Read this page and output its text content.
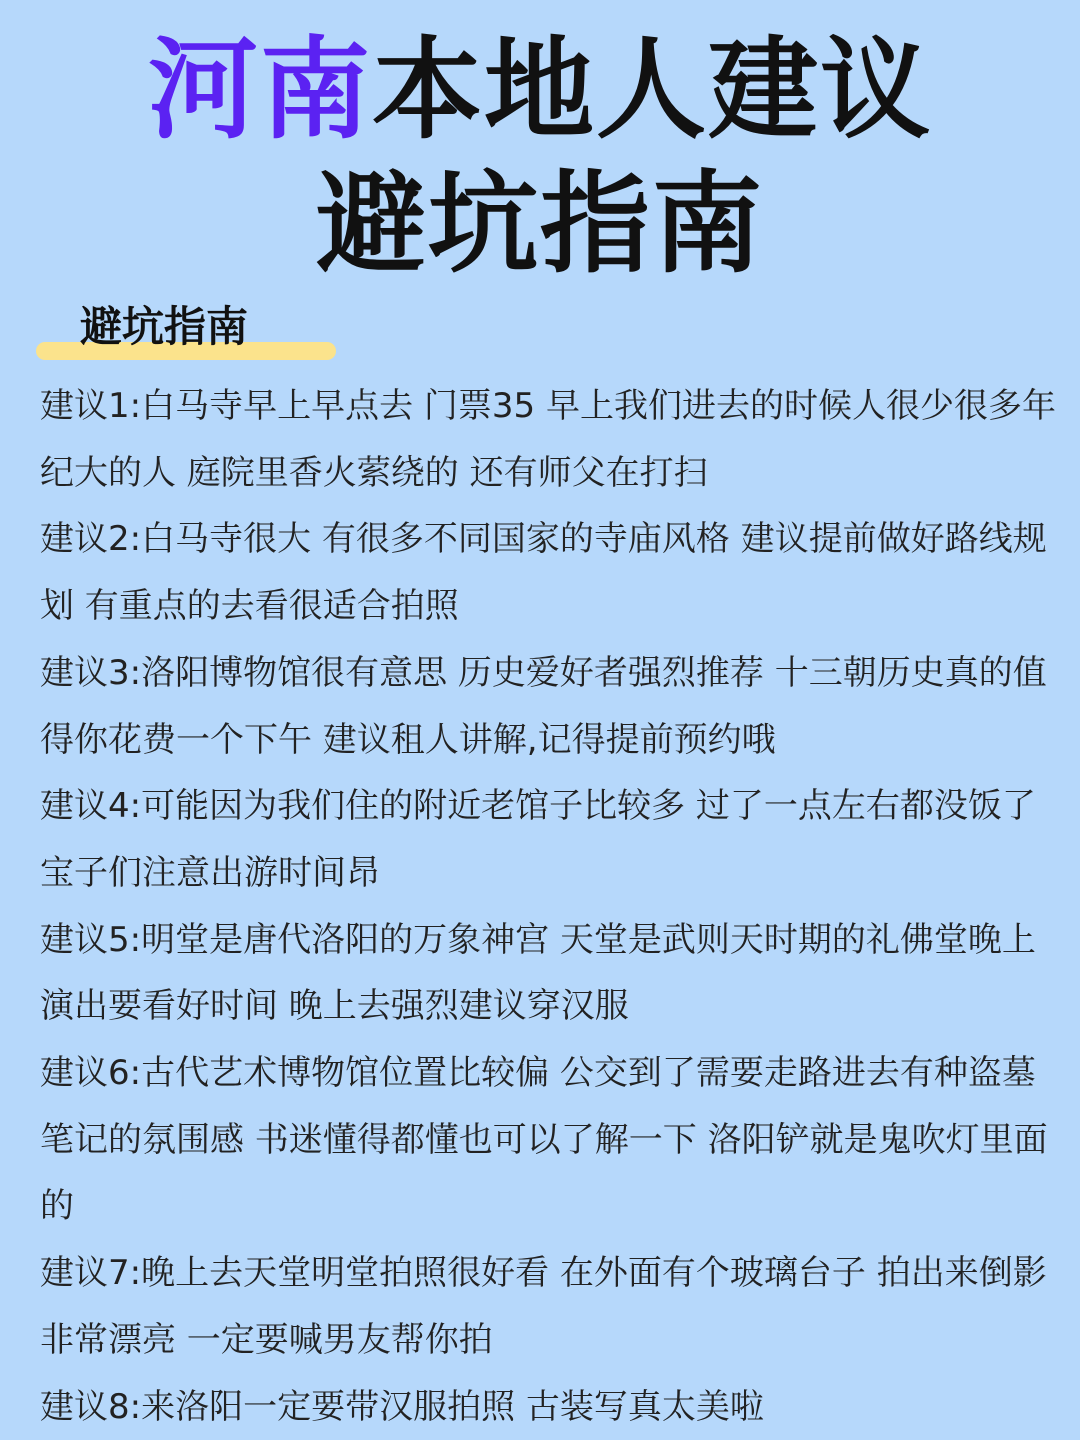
河南本地人建议
避坑指南
避坑指南

建议1:白马寺早上早点去 门票35 早上我们进去的时候人很少很多年纪大的人 庭院里香火萦绕的 还有师父在打扫

建议2:白马寺很大 有很多不同国家的寺庙风格 建议提前做好路线规划 有重点的去看很适合拍照

建议3:洛阳博物馆很有意思 历史爱好者强烈推荐 十三朝历史真的值得你花费一个下午 建议租人讲解,记得提前预约哦

建议4:可能因为我们住的附近老馆子比较多 过了一点左右都没饭了 宝子们注意出游时间昂

建议5:明堂是唐代洛阳的万象神宫 天堂是武则天时期的礼佛堂晚上演出要看好时间 晚上去强烈建议穿汉服

建议6:古代艺术博物馆位置比较偏 公交到了需要走路进去有种盗墓笔记的氛围感 书迷懂得都懂也可以了解一下 洛阳铲就是鬼吹灯里面的

建议7:晚上去天堂明堂拍照很好看 在外面有个玻璃台子 拍出来倒影非常漂亮 一定要喊男友帮你拍

建议8:来洛阳一定要带汉服拍照 古装写真太美啦
